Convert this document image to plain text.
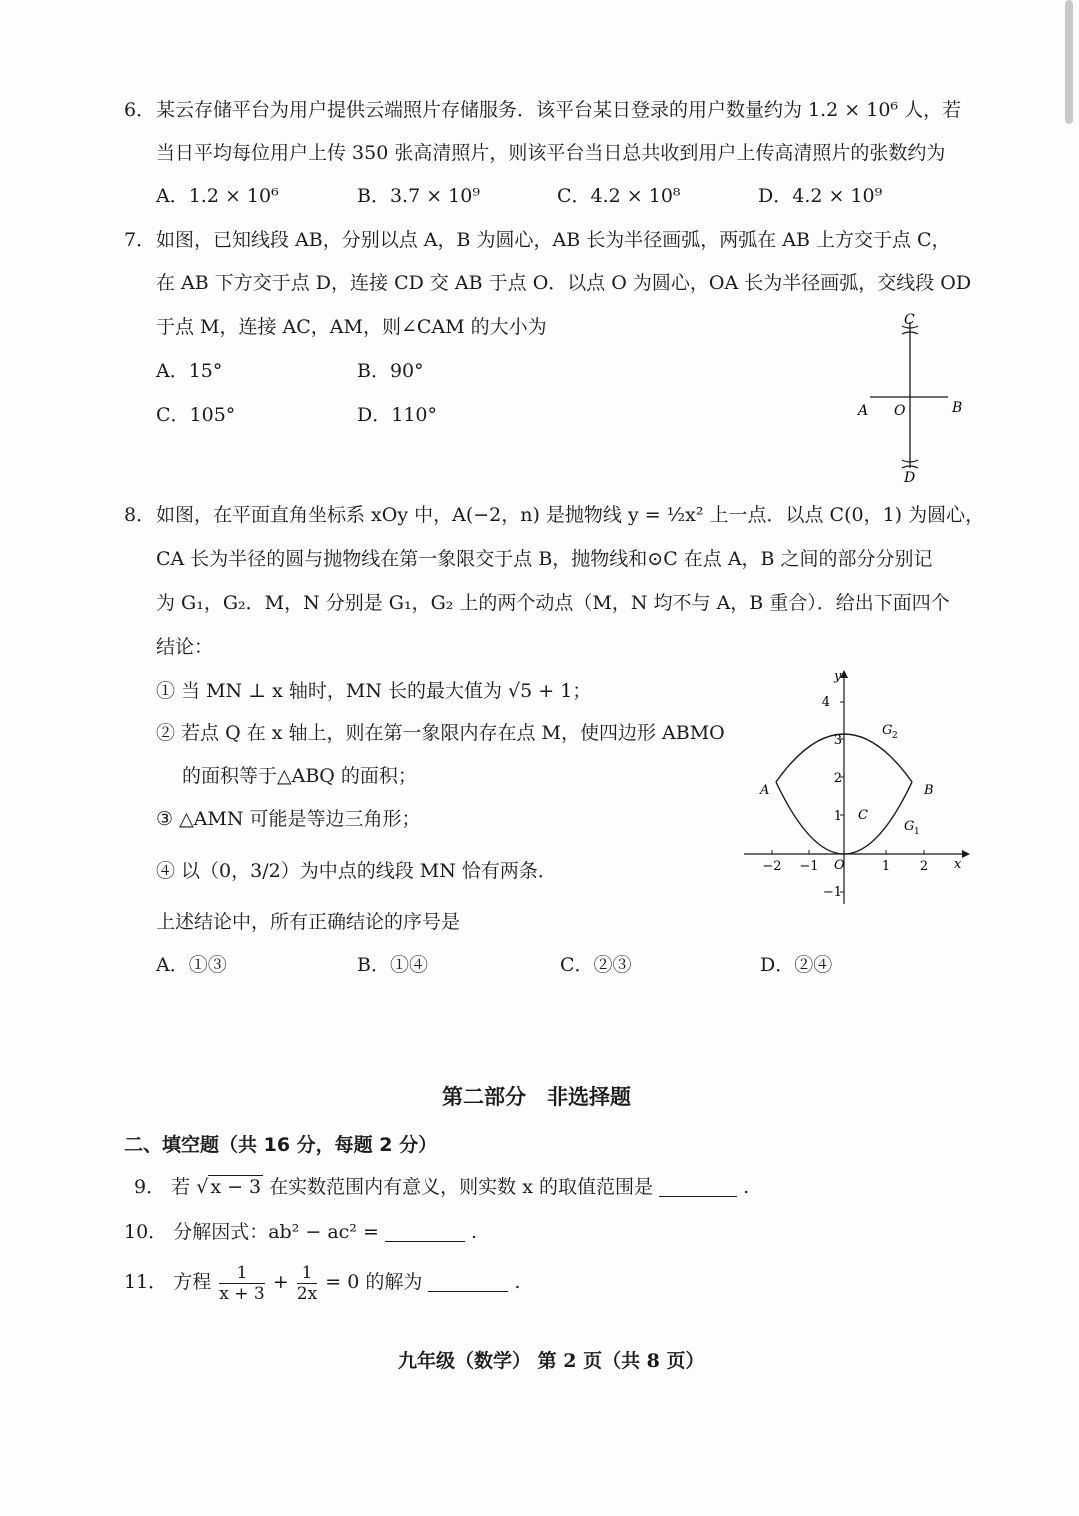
6． 某云存储平台为用户提供云端照片存储服务．该平台某日登录的用户数量约为 1.2 × 10⁶ 人，若
当日平均每位用户上传 350 张高清照片，则该平台当日总共收到用户上传高清照片的张数约为
A．1.2 × 10⁶	B．3.7 × 10⁹	C．4.2 × 10⁸	D．4.2 × 10⁹
7． 如图，已知线段 AB，分别以点 A，B 为圆心，AB 长为半径画弧，两弧在 AB 上方交于点 C，
在 AB 下方交于点 D，连接 CD 交 AB 于点 O．以点 O 为圆心，OA 长为半径画弧，交线段 OD
于点 M，连接 AC，AM，则∠CAM 的大小为
A．15°	B．90°
C．105°	D．110°
C
D
A	B
O
8． 如图，在平面直角坐标系 xOy 中，A(−2，n) 是抛物线 y = ½x² 上一点．以点 C(0，1) 为圆心，
CA 长为半径的圆与抛物线在第一象限交于点 B，抛物线和⊙C 在点 A，B 之间的部分分别记
为 G₁，G₂．M，N 分别是 G₁，G₂ 上的两个动点（M，N 均不与 A，B 重合）．给出下面四个
结论：
① 当 MN ⊥ x 轴时，MN 长的最大值为 √5 + 1；
② 若点 Q 在 x 轴上，则在第一象限内存在点 M，使四边形 ABMO
的面积等于△ABQ 的面积；
③ △AMN 可能是等边三角形；
④ 以（0，3/2）为中点的线段 MN 恰有两条．
上述结论中，所有正确结论的序号是
A．①③	B．①④	C．②③	D．②④
y
x
O
4
3
2
1
−1
−2 −1	1 2
A	B
C
G 2
G 1
第二部分　非选择题
二、填空题（共 16 分，每题 2 分）
9． 若 √ x − 3 在实数范围内有意义，则实数 x 的取值范围是	.
10． 分解因式：ab² − ac² =	.
11． 方程 $\frac{1}{x + 3} + \frac{1}{2x} = 0$ 的解为	.
九年级（数学） 第 2 页（共 8 页）
